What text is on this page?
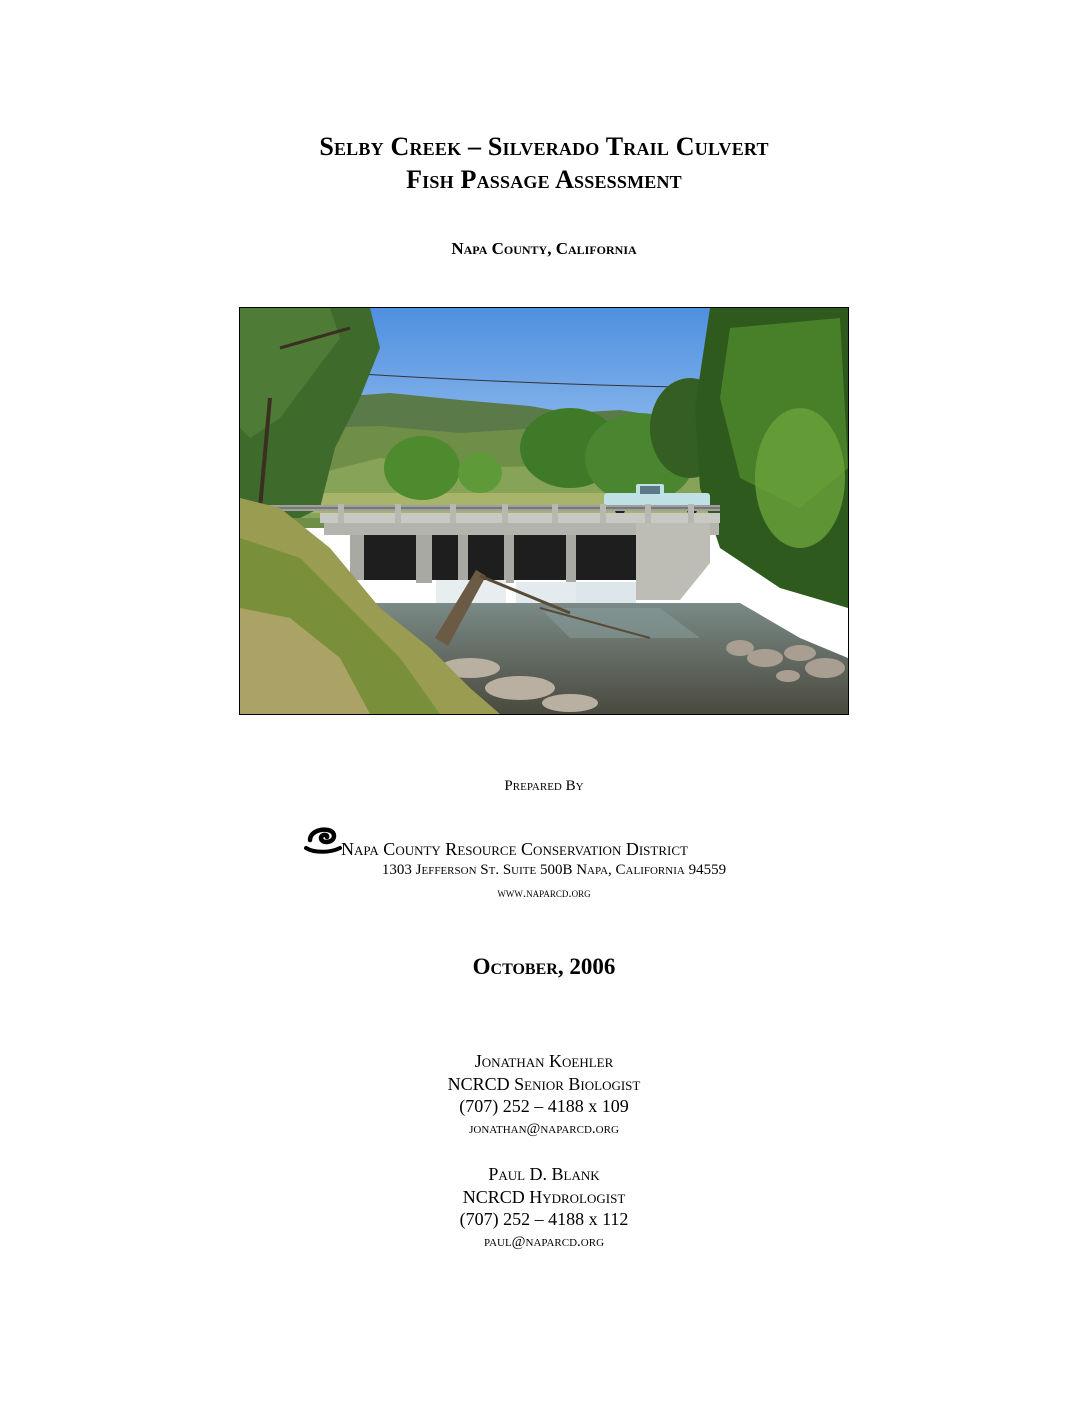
Selby Creek – Silverado Trail Culvert
Fish Passage Assessment
Napa County, California
Prepared By
Napa County Resource Conservation District
1303 Jefferson St. Suite 500B Napa, California 94559
www.naparcd.org
October, 2006
Jonathan Koehler
NCRCD Senior Biologist
(707) 252 – 4188 x 109
jonathan@naparcd.org
Paul D. Blank
NCRCD Hydrologist
(707) 252 – 4188 x 112
paul@naparcd.org
